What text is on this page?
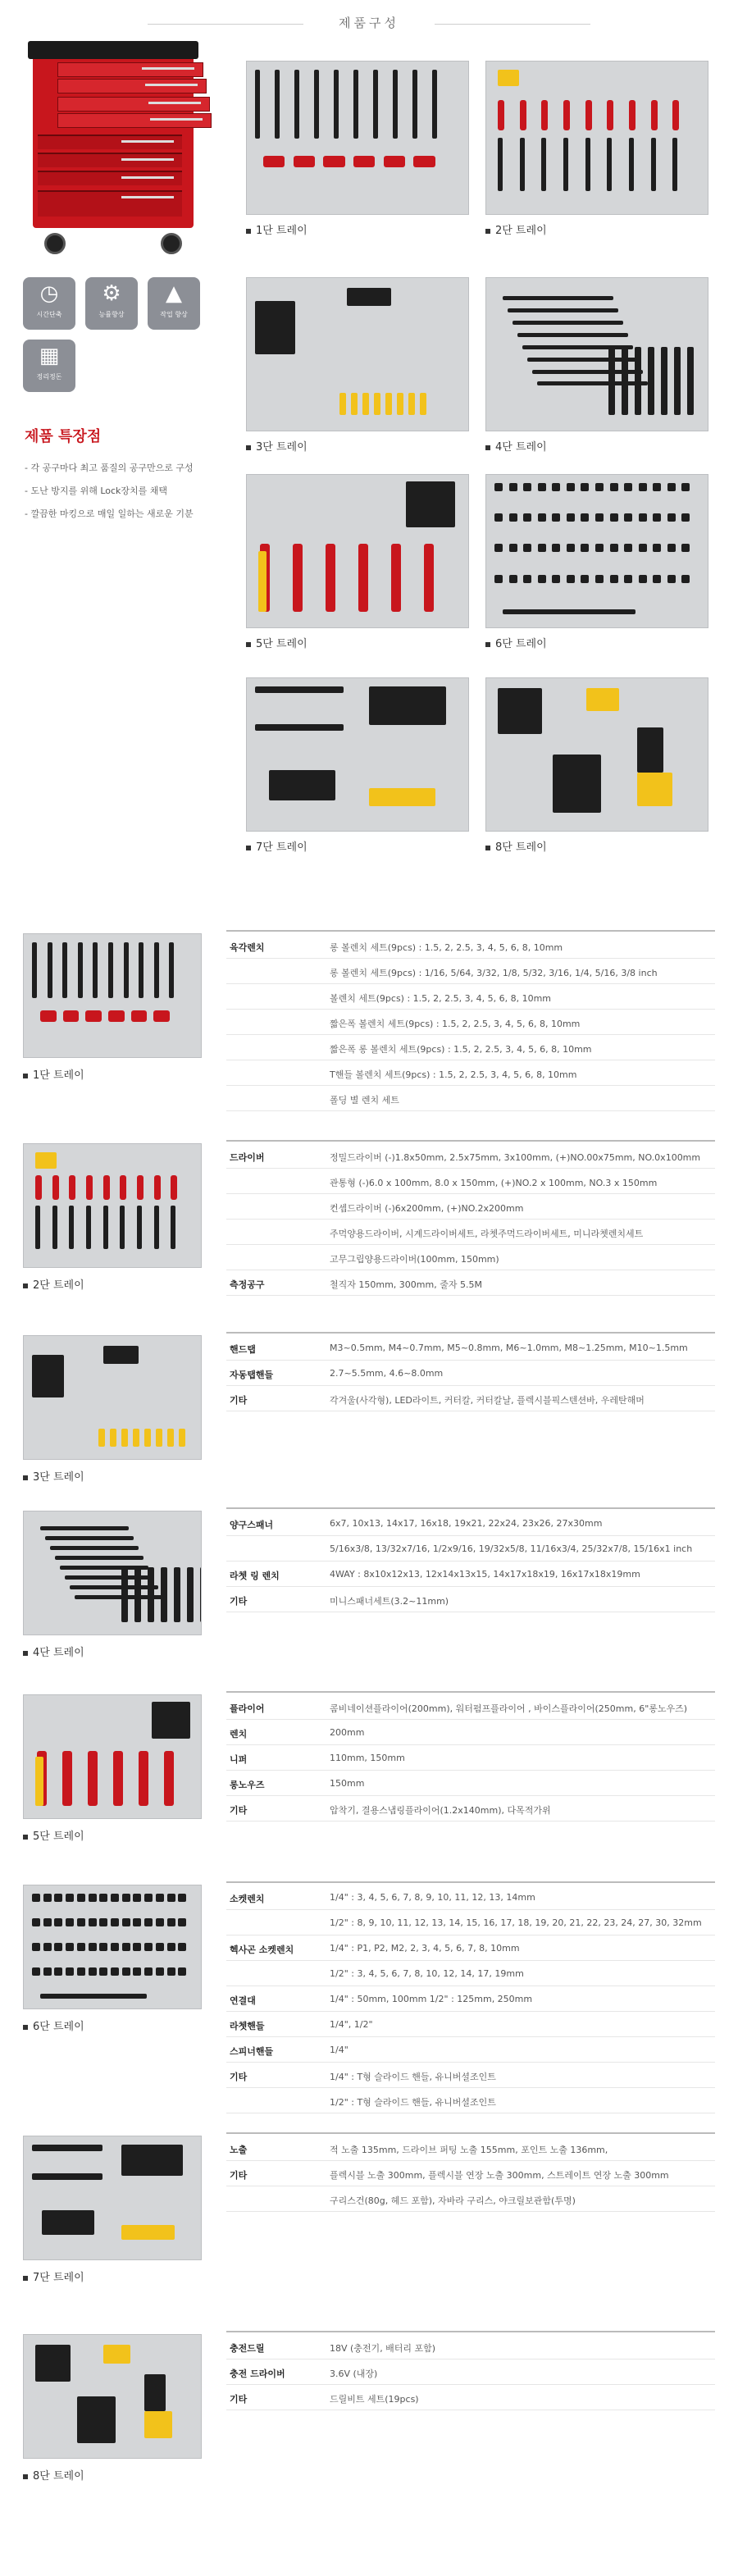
제품구성
◷
시간단축
⚙
능률향상
▲
작업 향상
▦
정리정돈
제품 특장점
- 각 공구마다 최고 품질의 공구만으로 구성
- 도난 방지를 위해 Lock장치를 채택
- 깔끔한 마킹으로 매일 일하는 새로운 기분
1단 트레이	2단 트레이
3단 트레이	4단 트레이
5단 트레이	6단 트레이
7단 트레이	8단 트레이
1단 트레이
육각렌치	롱 볼렌치 세트(9pcs) : 1.5, 2, 2.5, 3, 4, 5, 6, 8, 10mm
롱 볼렌치 세트(9pcs) : 1/16, 5/64, 3/32, 1/8, 5/32, 3/16, 1/4, 5/16, 3/8 inch
볼렌치 세트(9pcs) : 1.5, 2, 2.5, 3, 4, 5, 6, 8, 10mm
짧은폭 볼렌치 세트(9pcs) : 1.5, 2, 2.5, 3, 4, 5, 6, 8, 10mm
짧은폭 롱 볼렌치 세트(9pcs) : 1.5, 2, 2.5, 3, 4, 5, 6, 8, 10mm
T핸들 볼렌치 세트(9pcs) : 1.5, 2, 2.5, 3, 4, 5, 6, 8, 10mm
폴딩 별 렌치 세트
2단 트레이
드라이버	정밀드라이버 (-)1.8x50mm, 2.5x75mm, 3x100mm, (+)NO.00x75mm, NO.0x100mm
관통형 (-)6.0 x 100mm, 8.0 x 150mm, (+)NO.2 x 100mm, NO.3 x 150mm
컨셉드라이버 (-)6x200mm, (+)NO.2x200mm
주먹양용드라이버, 시계드라이버세트, 라쳇주먹드라이버세트, 미니라쳇렌치세트
고무그립양용드라이버(100mm, 150mm)
측정공구	철직자 150mm, 300mm, 줄자 5.5M
3단 트레이
핸드탭	M3~0.5mm, M4~0.7mm, M5~0.8mm, M6~1.0mm, M8~1.25mm, M10~1.5mm
자동탭핸들	2.7~5.5mm, 4.6~8.0mm
기타	각겨울(사각형), LED라이트, 커터칼, 커터칼날, 플렉시블픽스텐션바, 우레탄해머
4단 트레이
양구스패너	6x7, 10x13, 14x17, 16x18, 19x21, 22x24, 23x26, 27x30mm
5/16x3/8, 13/32x7/16, 1/2x9/16, 19/32x5/8, 11/16x3/4, 25/32x7/8, 15/16x1 inch
라쳇 링 렌치	4WAY : 8x10x12x13, 12x14x13x15, 14x17x18x19, 16x17x18x19mm
기타	미니스패너세트(3.2~11mm)
5단 트레이
플라이어	콤비네이션플라이어(200mm), 워터펌프플라이어 , 바이스플라이어(250mm, 6"롱노우즈)
렌치	200mm
니퍼	110mm, 150mm
롱노우즈	150mm
기타	압착기, 결용스냅링플라이어(1.2x140mm), 다목적가위
6단 트레이
소켓렌치	1/4" : 3, 4, 5, 6, 7, 8, 9, 10, 11, 12, 13, 14mm
1/2" : 8, 9, 10, 11, 12, 13, 14, 15, 16, 17, 18, 19, 20, 21, 22, 23, 24, 27, 30, 32mm
헥사곤 소켓렌치	1/4" : P1, P2, M2, 2, 3, 4, 5, 6, 7, 8, 10mm
1/2" : 3, 4, 5, 6, 7, 8, 10, 12, 14, 17, 19mm
연결대	1/4" : 50mm, 100mm 1/2" : 125mm, 250mm
라쳇핸들	1/4", 1/2"
스피너핸들	1/4"
기타	1/4" : T형 슬라이드 핸들, 유니버셜조인트
1/2" : T형 슬라이드 핸들, 유니버셜조인트
7단 트레이
노출	적 노출 135mm, 드라이브 퍼팅 노출 155mm, 포인트 노출 136mm,
기타	플렉시블 노출 300mm, 플렉시블 연장 노출 300mm, 스트레이트 연장 노출 300mm
구리스건(80g, 헤드 포함), 자바라 구리스, 야크릴보관함(투명)
8단 트레이
충전드릴	18V (충전기, 배터리 포함)
충전 드라이버	3.6V (내장)
기타	드릴비트 세트(19pcs)
